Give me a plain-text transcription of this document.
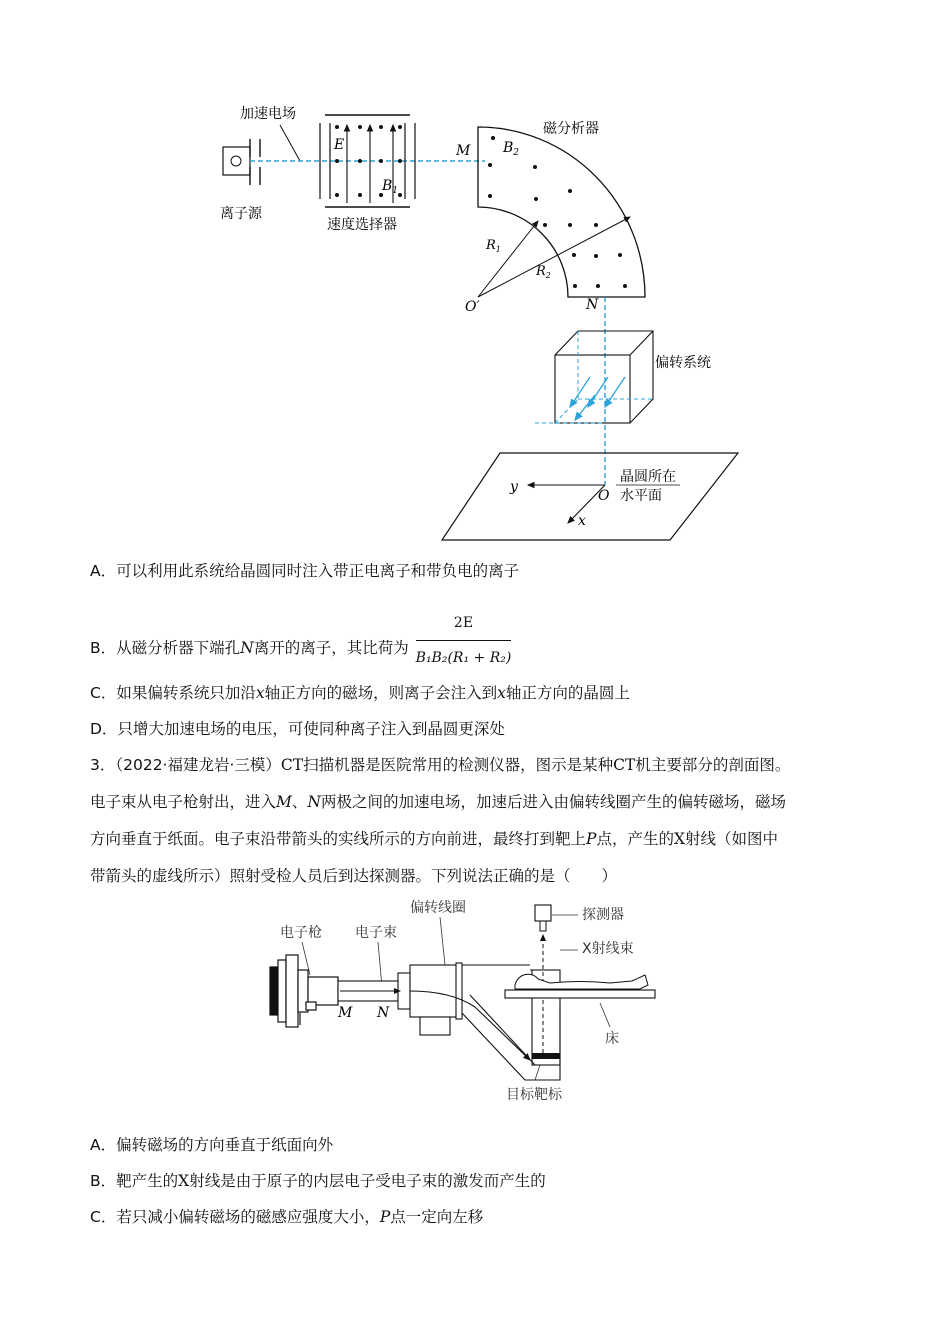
离子源
加速电场
E
$B_1$
速度选择器
M $B_2$
磁分析器
$R_1$
$R_2$
O′	N
偏转系统
y
O
x
晶圆所在
水平面
A．可以利用此系统给晶圆同时注入带正电离子和带负电的离子
B．从磁分析器下端孔N离开的离子，其比荷为 $\frac{2E}{\text{B₁B₂(R₁ + R₂)}}$
C．如果偏转系统只加沿x轴正方向的磁场，则离子会注入到x轴正方向的晶圆上
D．只增大加速电场的电压，可使同种离子注入到晶圆更深处
3．（2022·福建龙岩·三模）CT扫描机器是医院常用的检测仪器，图示是某种CT机主要部分的剖面图。
电子束从电子枪射出，进入M、N两极之间的加速电场，加速后进入由偏转线圈产生的偏转磁场，磁场
方向垂直于纸面。电子束沿带箭头的实线所示的方向前进，最终打到靶上P点，产生的X射线（如图中
带箭头的虚线所示）照射受检人员后到达探测器。下列说法正确的是（　　）
电子枪 电子束
偏转线圈	探测器
X射线束
床
目标靶标
M N
A．偏转磁场的方向垂直于纸面向外
B．靶产生的X射线是由于原子的内层电子受电子束的激发而产生的
C．若只减小偏转磁场的磁感应强度大小，P点一定向左移
